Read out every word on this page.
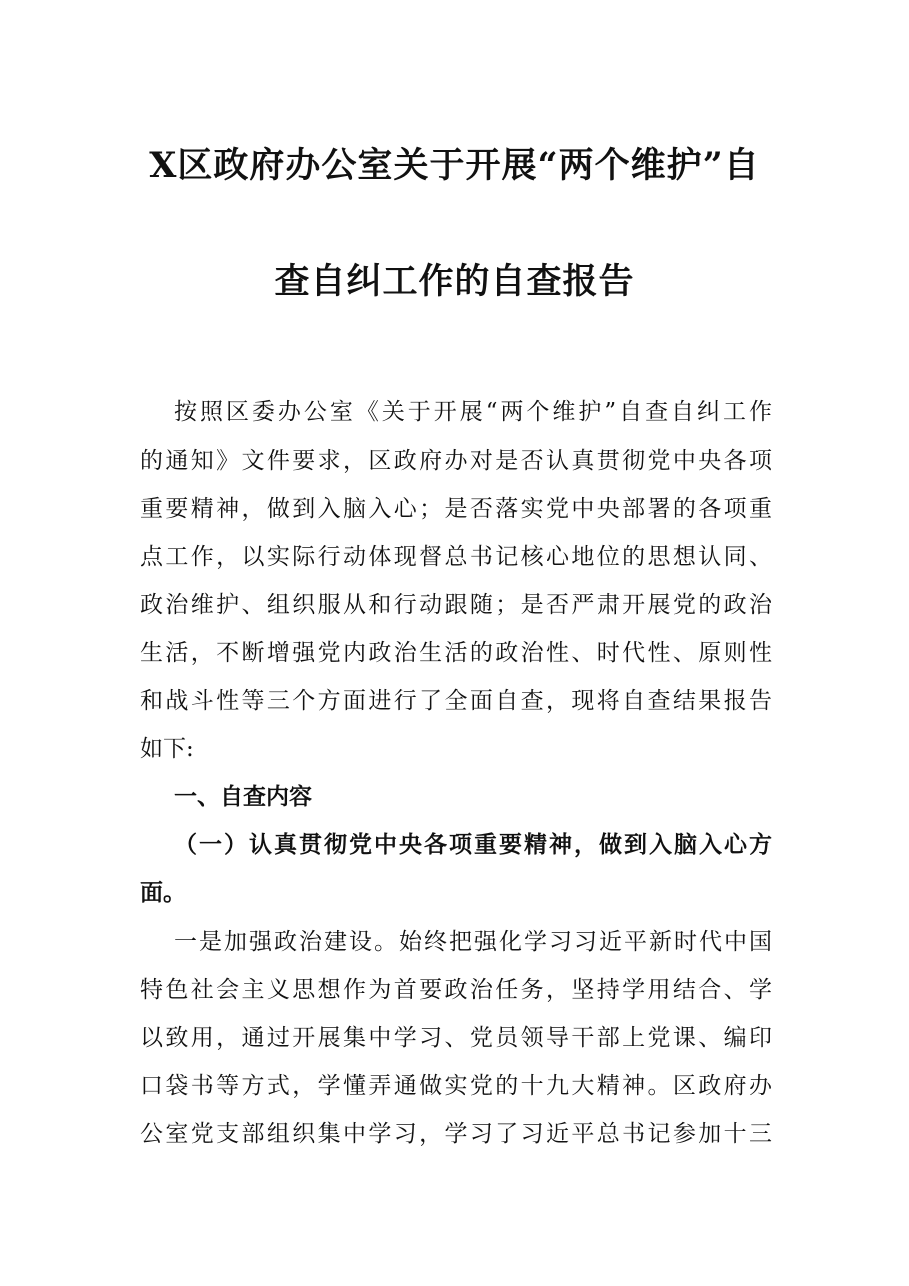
X区政府办公室关于开展“两个维护”自
查自纠工作的自查报告
按照区委办公室《关于开展“两个维护”自查自纠工作
的通知》文件要求，区政府办对是否认真贯彻党中央各项
重要精神，做到入脑入心；是否落实党中央部署的各项重
点工作，以实际行动体现督总书记核心地位的思想认同、
政治维护、组织服从和行动跟随；是否严肃开展党的政治
生活，不断增强党内政治生活的政治性、时代性、原则性
和战斗性等三个方面进行了全面自查，现将自查结果报告
如下:
一、自查内容
（一）认真贯彻党中央各项重要精神，做到入脑入心方
面。
一是加强政治建设。始终把强化学习习近平新时代中国
特色社会主义思想作为首要政治任务，坚持学用结合、学
以致用，通过开展集中学习、党员领导干部上党课、编印
口袋书等方式，学懂弄通做实党的十九大精神。区政府办
公室党支部组织集中学习，学习了习近平总书记参加十三
